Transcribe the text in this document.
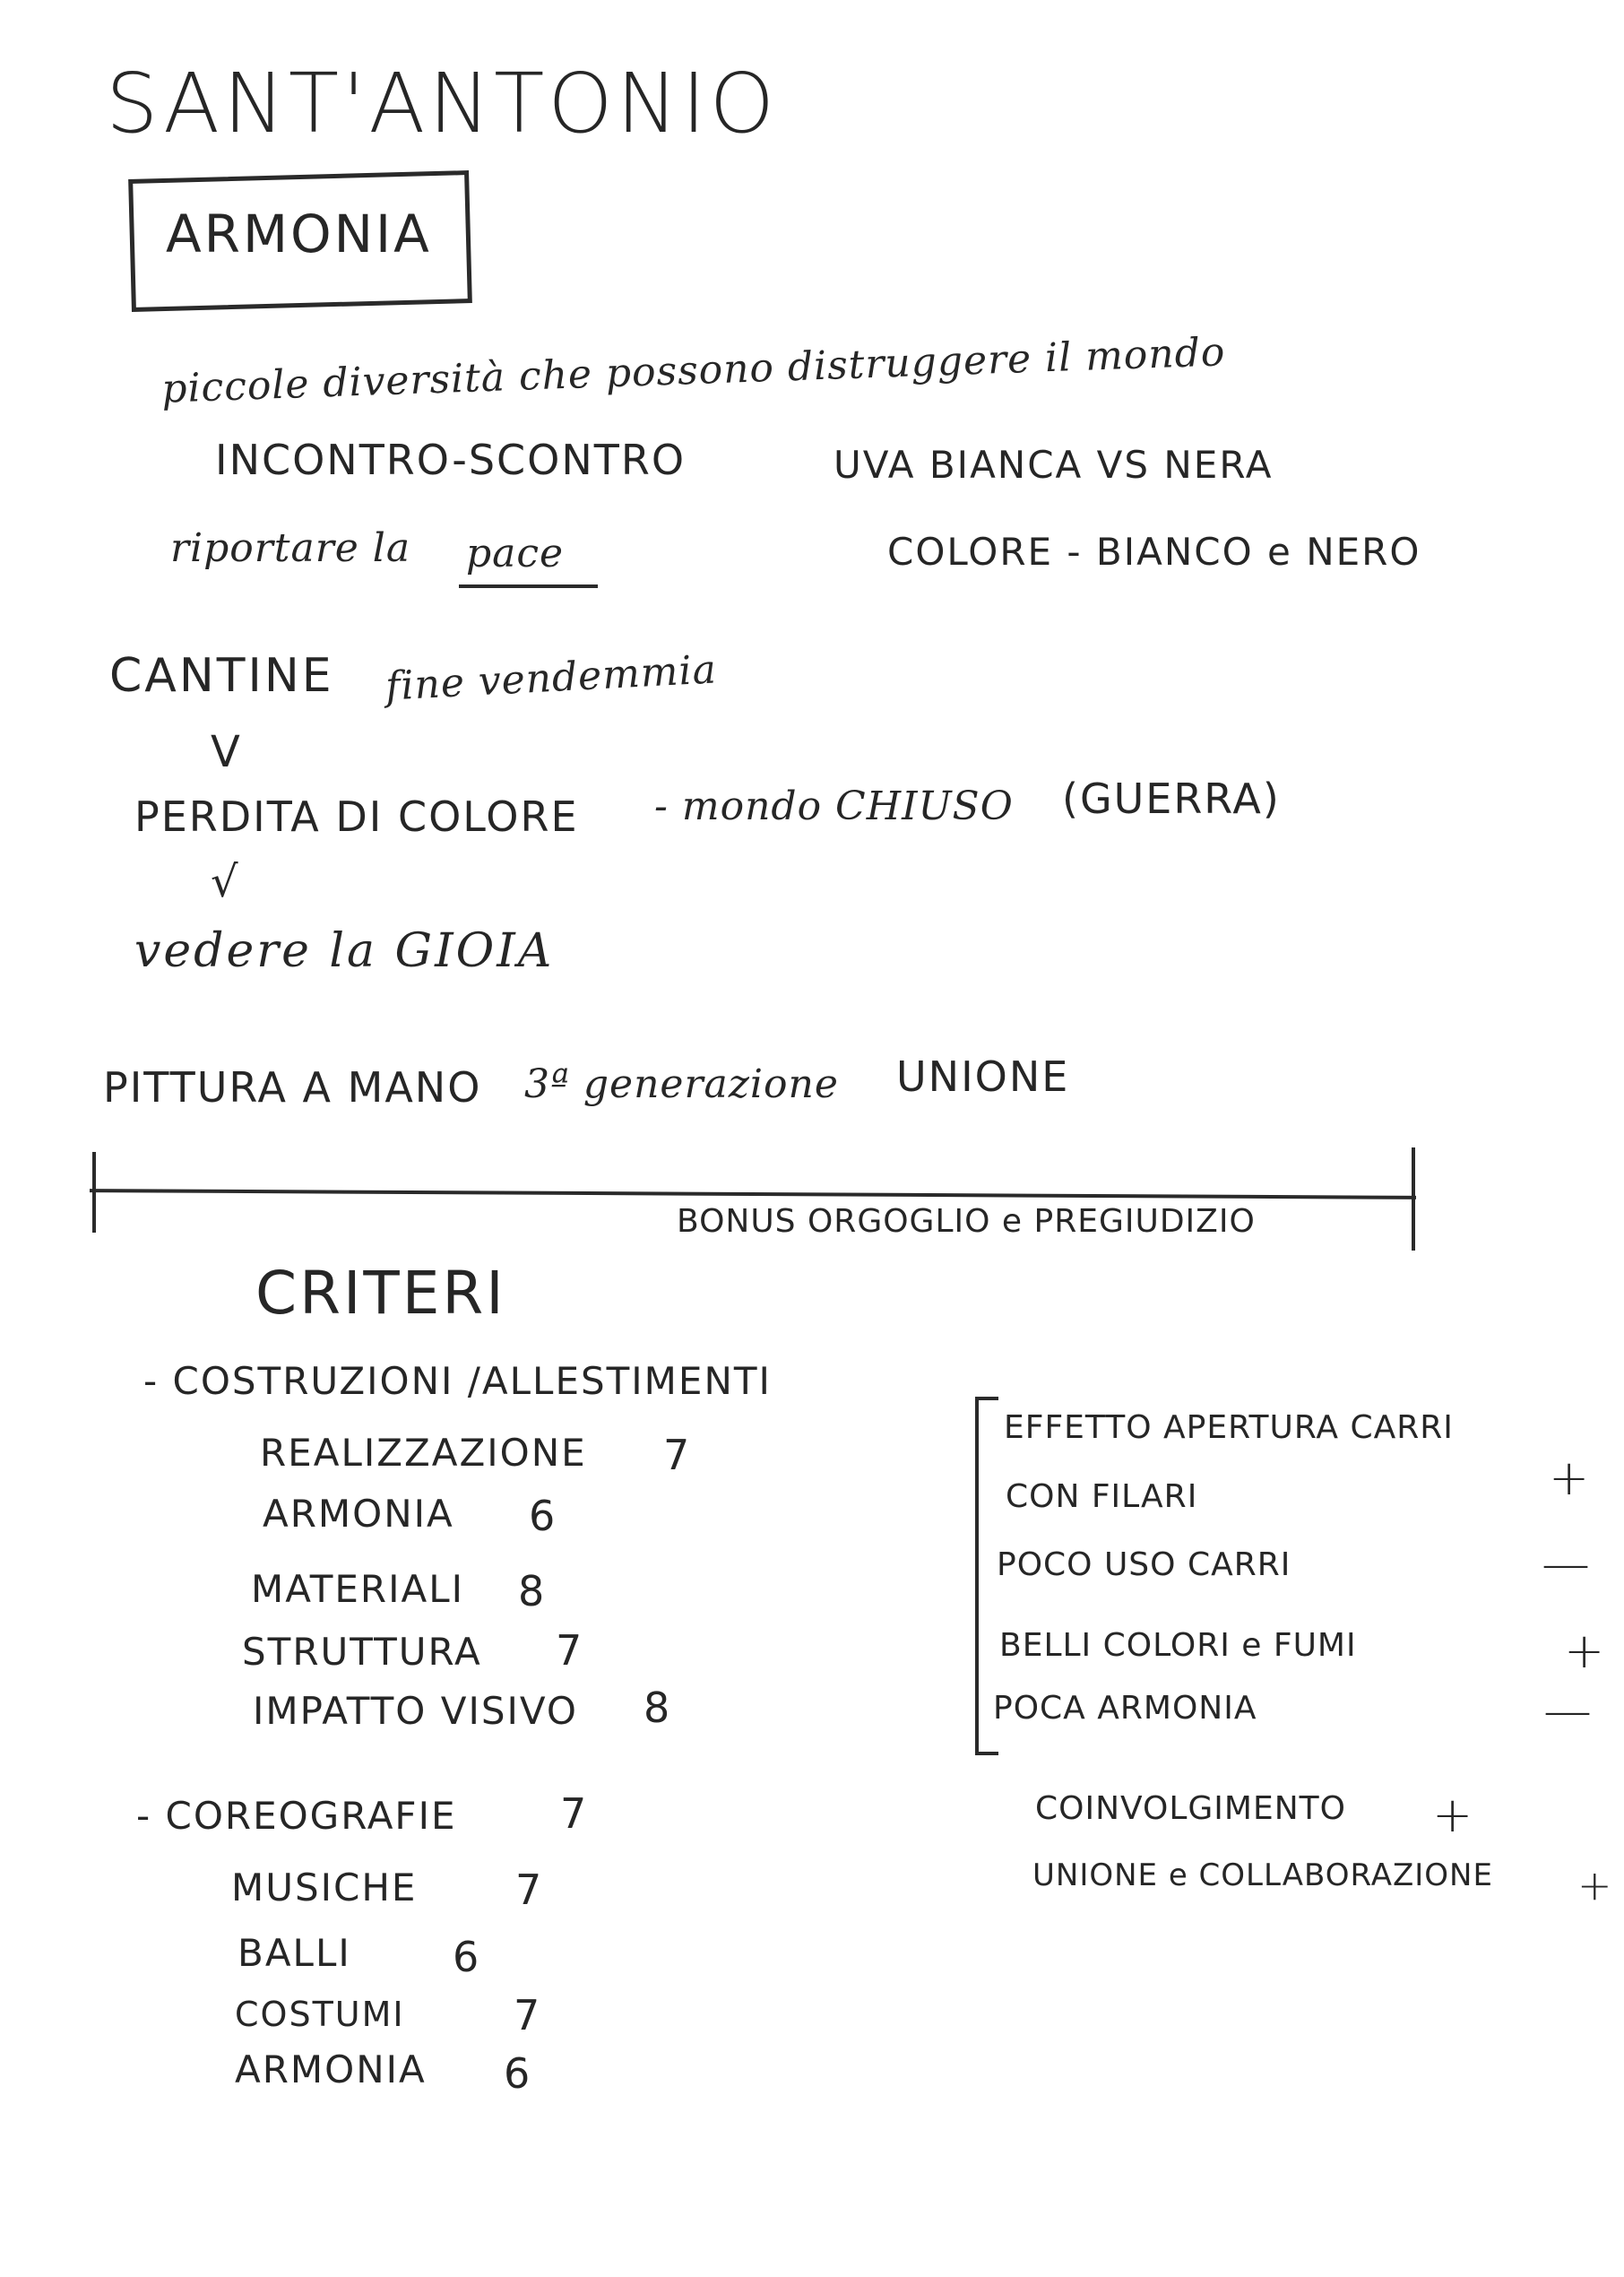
SANT'ANTONIO
ARMONIA
piccole diversità che possono distruggere il mondo
INCONTRO-SCONTRO	UVA BIANCA VS NERA
riportare la pace	COLORE - BIANCO e NERO
CANTINE fine vendemmia
V
PERDITA DI COLORE - mondo CHIUSO (GUERRA)
√
vedere la GIOIA
PITTURA A MANO 3ª generazione UNIONE
BONUS ORGOGLIO e PREGIUDIZIO
CRITERI
- COSTRUZIONI /ALLESTIMENTI
REALIZZAZIONE 7
ARMONIA 6
MATERIALI 8
STRUTTURA 7
IMPATTO VISIVO 8
- COREOGRAFIE	7
MUSICHE 7
BALLI 6
COSTUMI	7
ARMONIA 6
EFFETTO APERTURA CARRI
CON FILARI	+
POCO USO CARRI	—
BELLI COLORI e FUMI	+
POCA ARMONIA	—
COINVOLGIMENTO +
UNIONE e COLLABORAZIONE +
